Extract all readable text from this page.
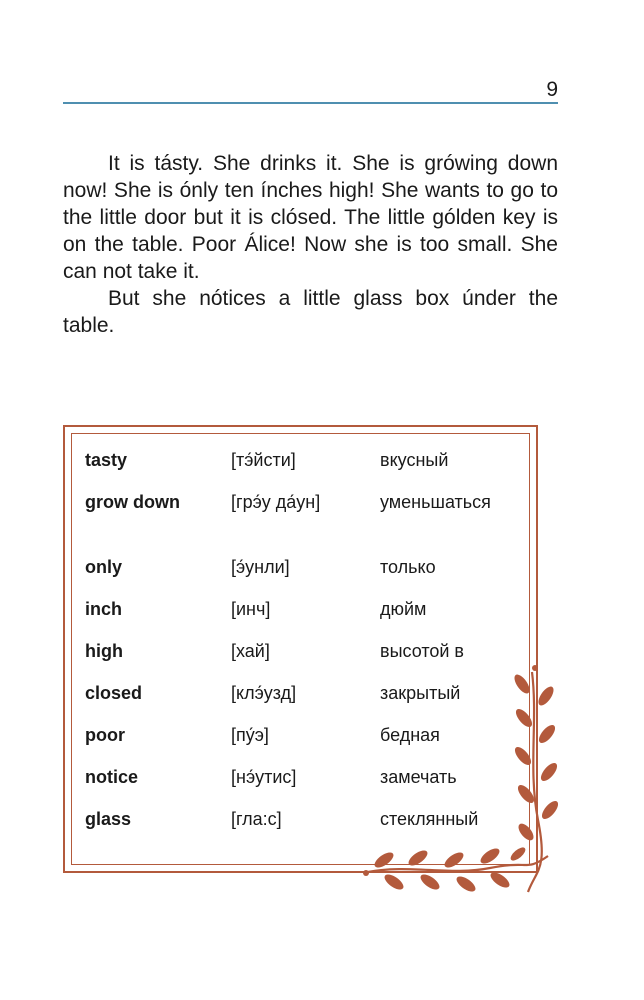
9

It is tásty. She drinks it. She is grówing down now! She is ónly ten ínches high! She wants to go to the little door but it is clósed. The little gólden key is on the table. Poor Álice! Now she is too small. She can not take it.

But she nótices a little glass box únder the table.

tasty	[тэ́йсти]	вкусный
grow down	[грэ́у да́ун]	уменьшаться
only	[э́унли]	только
inch	[инч]	дюйм
high	[хай]	высотой в
closed	[клэ́узд]	закрытый
poor	[пу́э]	бедная
notice	[нэ́утис]	замечать
glass	[гла:с]	стеклянный
